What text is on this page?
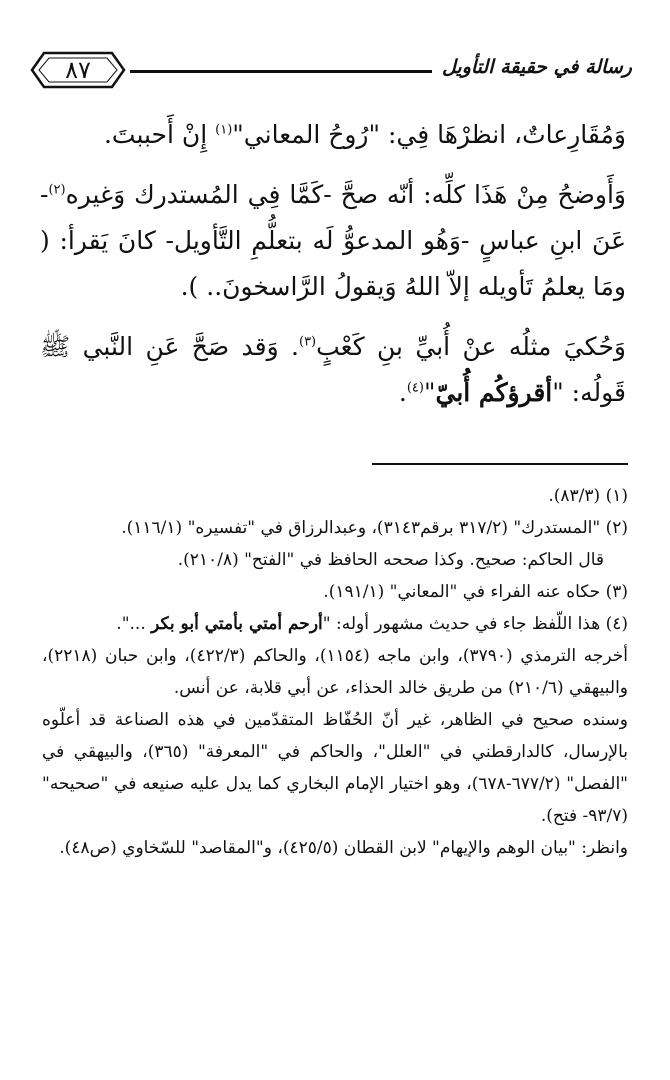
رسالة في حقيقة التأويل
٨٧

وَمُقَارِعاتٌ، انظرْهَا فِي: "رُوحُ المعاني"$^{(١)}$ إِنْ أَحببتَ.

وَأَوضحُ مِنْ هَذَا كلِّه: أنّه صحَّ -كَمَّا فِي المُستدرك وَغيره$^{(٢)}$- عَنَ ابنِ عباسٍ -وَهُو المدعوُّ لَه بتعلُّمِ التَّأويل- كانَ يَقرأ: ( ومَا يعلمُ تَأويله إلاّ اللهُ وَيقولُ الرَّاسخونَ.. ).

وَحُكيَ مثلُه عنْ أُبيِّ بنِ كَعْبٍ$^{(٣)}$. وَقد صَحَّ عَنِ النَّبي ﷺ قَولُه: "أقرؤكُم أُبيّ"$^{(٤)}$.

(١) (٨٣/٣).

(٢) "المستدرك" (٣١٧/٢ برقم٣١٤٣)، وعبدالرزاق في "تفسيره" (١١٦/١).

قال الحاكم: صحيح. وكذا صححه الحافظ في "الفتح" (٢١٠/٨).

(٣) حكاه عنه الفراء في "المعاني" (١٩١/١).

(٤) هذا اللّفظ جاء في حديث مشهور أوله: "أرحم أمتي بأمتي أبو بكر ...".

أخرجه الترمذي (٣٧٩٠)، وابن ماجه (١١٥٤)، والحاكم (٤٢٢/٣)، وابن حبان (٢٢١٨)، والبيهقي (٢١٠/٦) من طريق خالد الحذاء، عن أبي قلابة، عن أنس.

وسنده صحيح في الظاهر، غير أنّ الحُفّاظ المتقدّمين في هذه الصناعة قد أعلّوه بالإرسال، كالدارقطني في "العلل"، والحاكم في "المعرفة" (٣٦٥)، والبيهقي في "الفصل" (٦٧٧/٢-٦٧٨)، وهو اختيار الإمام البخاري كما يدل عليه صنيعه في "صحيحه" (٩٣/٧- فتح).

وانظر: "بيان الوهم والإيهام" لابن القطان (٤٢٥/٥)، و"المقاصد" للسّخاوي (ص٤٨).
